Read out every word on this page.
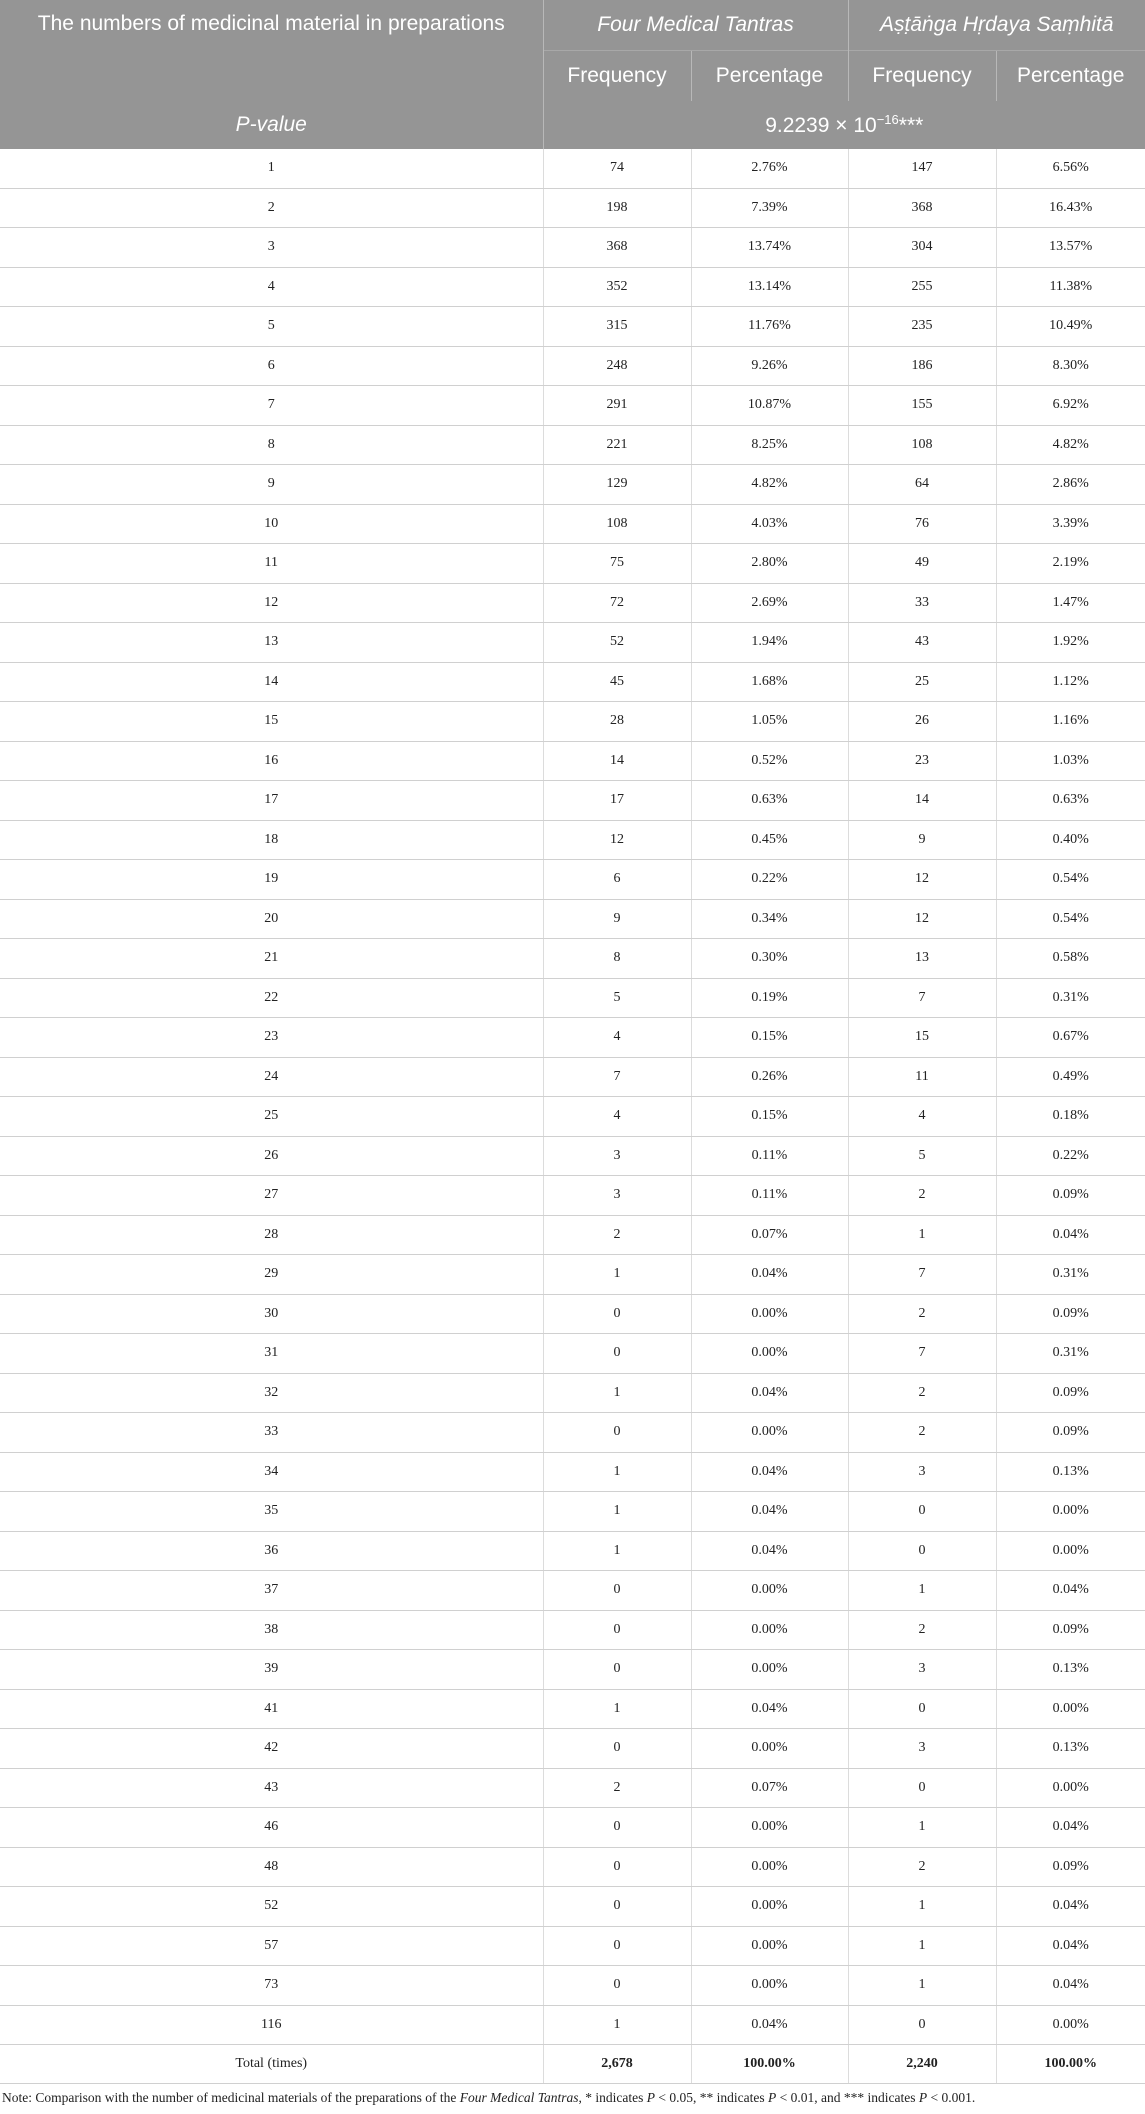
The numbers of medicinal material in preparations	Four Medical Tantras		Aṣṭāṅga Hṛdaya Saṃhitā	
	Frequency	Percentage	Frequency	Percentage
P-value	$9.2239 \times 10^{-16}***$			
1	74	2.76%	147	6.56%
2	198	7.39%	368	16.43%
3	368	13.74%	304	13.57%
4	352	13.14%	255	11.38%
5	315	11.76%	235	10.49%
6	248	9.26%	186	8.30%
7	291	10.87%	155	6.92%
8	221	8.25%	108	4.82%
9	129	4.82%	64	2.86%
10	108	4.03%	76	3.39%
11	75	2.80%	49	2.19%
12	72	2.69%	33	1.47%
13	52	1.94%	43	1.92%
14	45	1.68%	25	1.12%
15	28	1.05%	26	1.16%
16	14	0.52%	23	1.03%
17	17	0.63%	14	0.63%
18	12	0.45%	9	0.40%
19	6	0.22%	12	0.54%
20	9	0.34%	12	0.54%
21	8	0.30%	13	0.58%
22	5	0.19%	7	0.31%
23	4	0.15%	15	0.67%
24	7	0.26%	11	0.49%
25	4	0.15%	4	0.18%
26	3	0.11%	5	0.22%
27	3	0.11%	2	0.09%
28	2	0.07%	1	0.04%
29	1	0.04%	7	0.31%
30	0	0.00%	2	0.09%
31	0	0.00%	7	0.31%
32	1	0.04%	2	0.09%
33	0	0.00%	2	0.09%
34	1	0.04%	3	0.13%
35	1	0.04%	0	0.00%
36	1	0.04%	0	0.00%
37	0	0.00%	1	0.04%
38	0	0.00%	2	0.09%
39	0	0.00%	3	0.13%
41	1	0.04%	0	0.00%
42	0	0.00%	3	0.13%
43	2	0.07%	0	0.00%
46	0	0.00%	1	0.04%
48	0	0.00%	2	0.09%
52	0	0.00%	1	0.04%
57	0	0.00%	1	0.04%
73	0	0.00%	1	0.04%
116	1	0.04%	0	0.00%
Total (times)	2,678	100.00%	2,240	100.00%
Note: Comparison with the number of medicinal materials of the preparations of the Four Medical Tantras, * indicates P < 0.05, ** indicates P < 0.01, and *** indicates P < 0.001.
